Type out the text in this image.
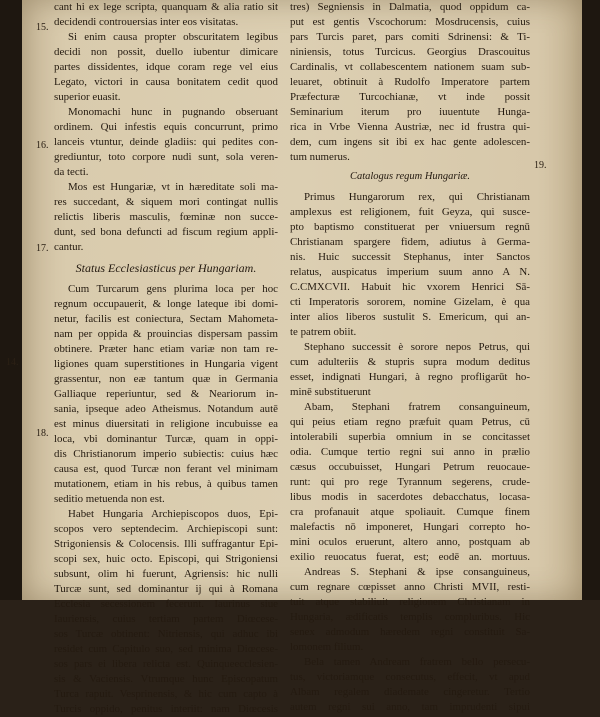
15.
16.
17.
18.
19.
14.
cant hi ex lege scripta, quanquam & alia ratio sit
decidendi controuersias inter eos visitatas.
Si enim causa propter obscuritatem legibus
decidi non possit, duello iubentur dimicare
partes dissidentes, idque coram rege vel eius
Legato, victori in causa bonitatem cedit quod
superior euasit.
Monomachi hunc in pugnando obseruant
ordinem. Qui infestis equis concurrunt, primo
lanceis vtuntur, deinde gladiis: qui pedites con-
grediuntur, toto corpore nudi sunt, sola veren-
da tecti.
Mos est Hungariæ, vt in hæreditate soli ma-
res succedant, & siquem mori contingat nullis
relictis liberis masculis, fœminæ non succe-
dunt, sed bona defuncti ad fiscum regium appli-
cantur.
Status Ecclesiasticus per Hungariam.
Cum Turcarum gens plurima loca per hoc
regnum occupauerit, & longe lateque ibi domi-
netur, facilis est coniectura, Sectam Mahometa-
nam per oppida & prouincias dispersam passim
obtinere. Præter hanc etiam variæ non tam re-
ligiones quam superstitiones in Hungaria vigent
grassentur, non eæ tantum quæ in Germania
Galliaque reperiuntur, sed & Neariorum in-
sania, ipseque adeo Atheismus. Notandum autē
est minus diuersitati in religione incubuisse ea
loca, vbi dominantur Turcæ, quam in oppi-
dis Christianorum imperio subiectis: cuius hæc
causa est, quod Turcæ non ferant vel minimam
mutationem, etiam in his rebus, à quibus tamen
seditio metuenda non est.
Habet Hungaria Archiepiscopos duos, Epi-
scopos vero septendecim. Archiepiscopi sunt:
Strigoniensis & Colocensis. Illi suffragantur Epi-
scopi sex, huic octo. Episcopi, qui Strigoniensi
subsunt, olim hi fuerunt, Agriensis: hic nulli
Turcæ sunt, sed dominantur ij qui à Romana
Ecclesia secessionem fecerunt. Iaurinus siue
Iauriensis, cuius tertiam partem Diœcese-
sos Turcæ obtinent: Nitriensis, qui adhuc ibi
residet cum Capitulo suo, sed minima Diœcese-
sos pars ei libera relicta est. Quinqueecclesien-
sis & Vaciensis. Vtrumque hunc Episcopatum
Turca rapuit. Vesprinensis, & hic cum capto à
Turcis oppido, penitus interiit: nam Diœcesis
tres) Segniensis in Dalmatia, quod oppidum ca-
put est gentis Vscochorum: Mosdrucensis, cuius
pars Turcis paret, pars comiti Sdrinensi: & Ti-
niniensis, totus Turcicus. Georgius Drascouitus
Cardinalis, vt collabescentem nationem suam sub-
leuaret, obtinuit à Rudolfo Imperatore partem
Præfecturæ Turcochianæ, vt inde possit
Seminarium iterum pro iuuentute Hunga-
rica in Vrbe Vienna Austriæ, nec id frustra qui-
dem, cum ingens sit ibi ex hac gente adolescen-
tum numerus.
Catalogus regum Hungariæ.
Primus Hungarorum rex, qui Christianam
amplexus est religionem, fuit Geyza, qui susce-
pto baptismo constituerat per vniuersum regnū
Christianam spargere fidem, adiutus à Germa-
nis. Huic successit Stephanus, inter Sanctos
relatus, auspicatus imperium suum anno A N.
C.CMXCVII. Habuit hic vxorem Henrici Sā-
cti Imperatoris sororem, nomine Gizelam, è qua
inter alios liberos sustulit S. Emericum, qui an-
te patrem obiit.
Stephano successit è sorore nepos Petrus, qui
cum adulteriis & stupris supra modum deditus
esset, indignati Hungari, à regno profligarūt ho-
minē substituerunt
Abam, Stephani fratrem consanguineum,
qui peius etiam regno præfuit quam Petrus, cū
intolerabili superbia omnium in se concitasset
odia. Cumque tertio regni sui anno in prælio
cæsus occubuisset, Hungari Petrum reuocaue-
runt: qui pro rege Tyrannum segerens, crude-
libus modis in sacerdotes debacchatus, locasa-
cra profanauit atque spoliauit. Cumque finem
malefactis nō imponeret, Hungari correpto ho-
mini oculos eruerunt, altero anno, postquam ab
exilio reuocatus fuerat, est; eodē an. mortuus.
Andreas S. Stephani & ipse consanguineus,
cum regnare cœpisset anno Christi MVII, resti-
tuit atque stabiliuit religionem Christianam in
Hungaria, ædificatis templis compluribus. Hic
senex admodum hæredem regni constituit Sa-
lomonem filium.
Bela tamen Andream fratrem bello persecu-
tus, victoriamque consecutus, effecit, vt apud
Albam regalem diademate cingeretur. Tertio
autem regni sui anno, tam imprudenti sipui
